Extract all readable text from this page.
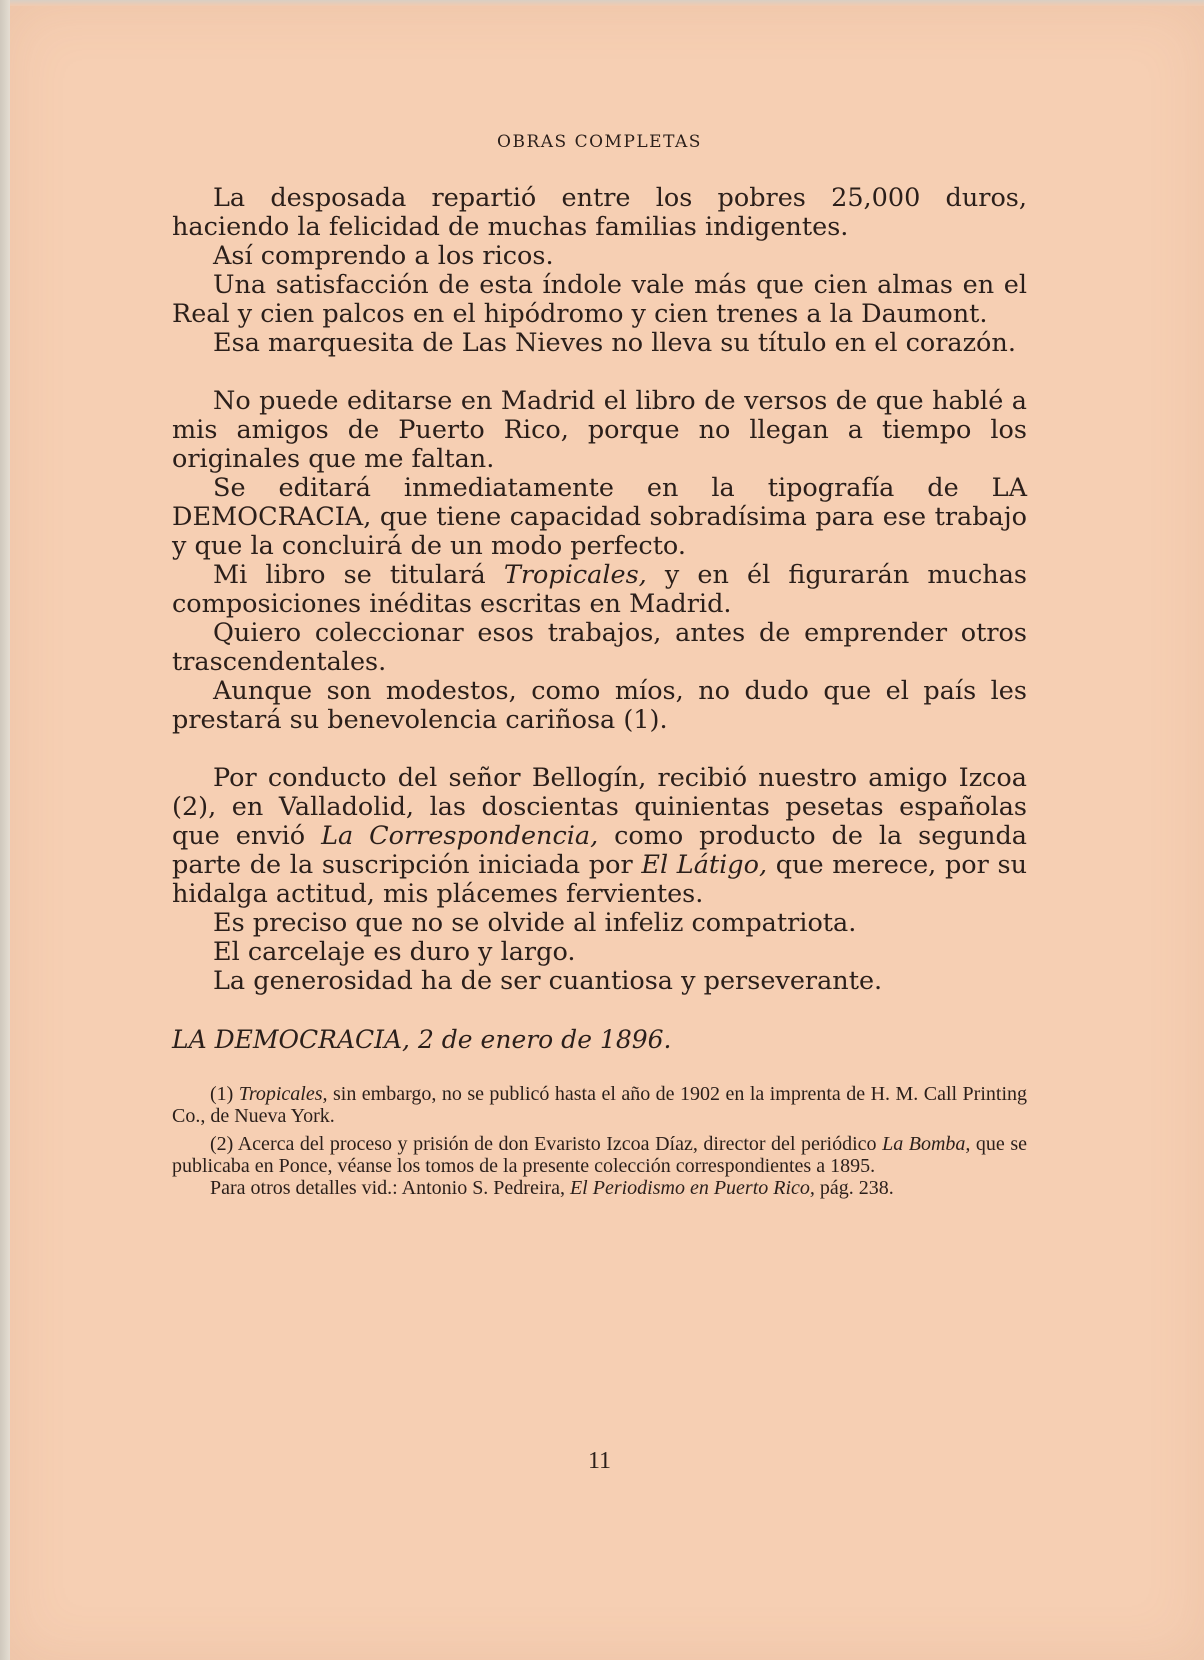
OBRAS COMPLETAS

La desposada repartió entre los pobres 25,000 duros, haciendo la felicidad de muchas familias indigentes.

Así comprendo a los ricos.

Una satisfacción de esta índole vale más que cien almas en el Real y cien palcos en el hipódromo y cien trenes a la Daumont.

Esa marquesita de Las Nieves no lleva su título en el corazón.

No puede editarse en Madrid el libro de versos de que hablé a mis amigos de Puerto Rico, porque no llegan a tiempo los originales que me faltan.

Se editará inmediatamente en la tipografía de LA DEMOCRACIA, que tiene capacidad sobradísima para ese trabajo y que la concluirá de un modo perfecto.

Mi libro se titulará Tropicales, y en él figurarán muchas composiciones inéditas escritas en Madrid.

Quiero coleccionar esos trabajos, antes de emprender otros trascendentales.

Aunque son modestos, como míos, no dudo que el país les prestará su benevolencia cariñosa (1).

Por conducto del señor Bellogín, recibió nuestro amigo Izcoa (2), en Valladolid, las doscientas quinientas pesetas españolas que envió La Correspondencia, como producto de la segunda parte de la suscripción iniciada por El Látigo, que merece, por su hidalga actitud, mis plácemes fervientes.

Es preciso que no se olvide al infeliz compatriota.

El carcelaje es duro y largo.

La generosidad ha de ser cuantiosa y perseverante.

LA DEMOCRACIA, 2 de enero de 1896.

(1) Tropicales, sin embargo, no se publicó hasta el año de 1902 en la imprenta de H. M. Call Printing Co., de Nueva York.

(2) Acerca del proceso y prisión de don Evaristo Izcoa Díaz, director del periódico La Bomba, que se publicaba en Ponce, véanse los tomos de la presente colección correspondientes a 1895.

Para otros detalles vid.: Antonio S. Pedreira, El Periodismo en Puerto Rico, pág. 238.

11
